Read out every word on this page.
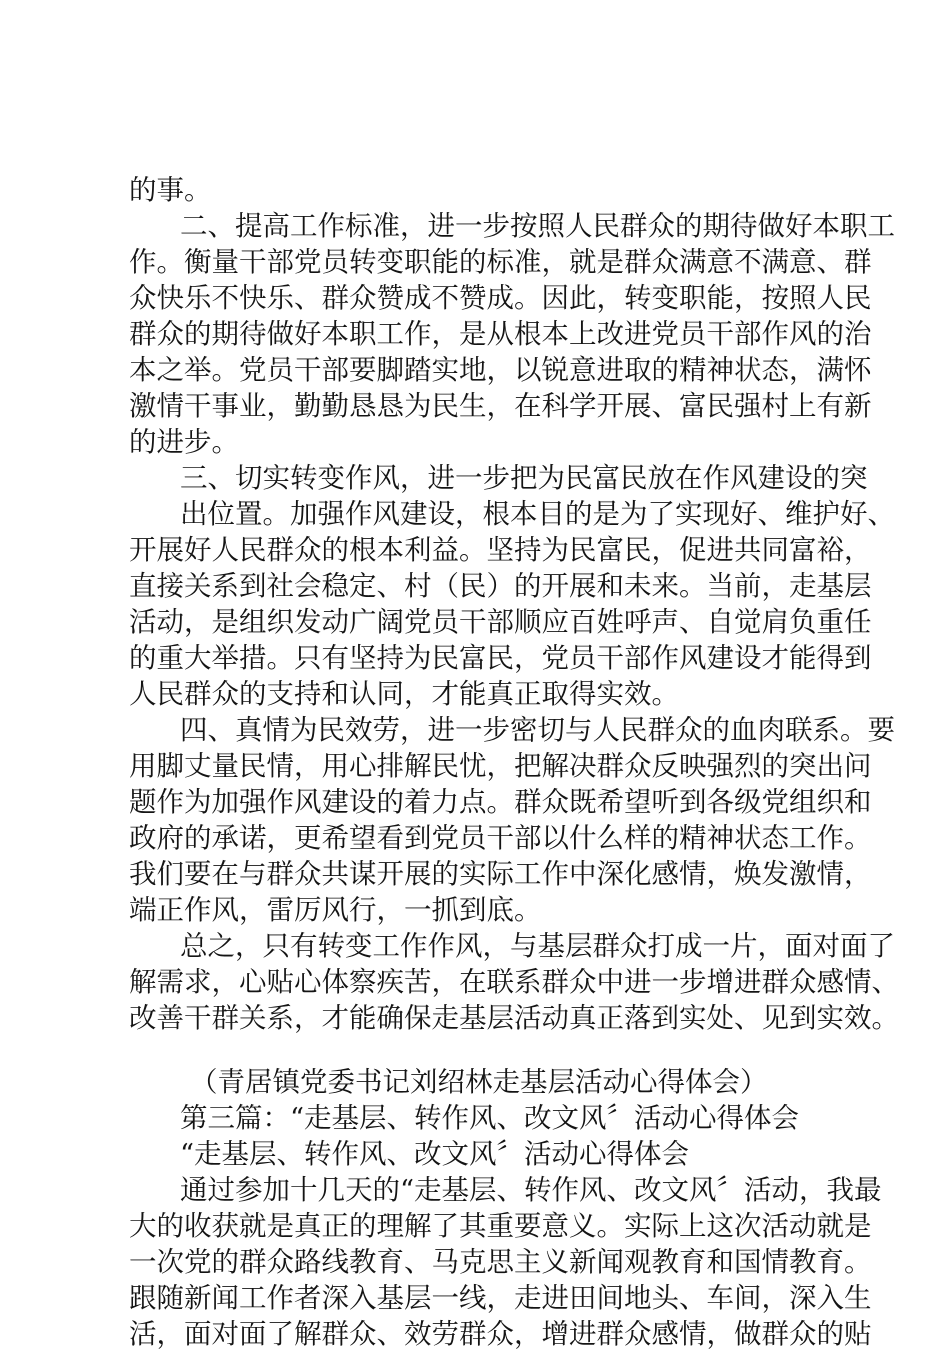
的事。
二、提高工作标准，进一步按照人民群众的期待做好本职工
作。衡量干部党员转变职能的标准，就是群众满意不满意、群
众快乐不快乐、群众赞成不赞成。因此，转变职能，按照人民
群众的期待做好本职工作，是从根本上改进党员干部作风的治
本之举。党员干部要脚踏实地，以锐意进取的精神状态，满怀
激情干事业，勤勤恳恳为民生，在科学开展、富民强村上有新
的进步。
三、切实转变作风，进一步把为民富民放在作风建设的突
出位置。加强作风建设，根本目的是为了实现好、维护好、
开展好人民群众的根本利益。坚持为民富民，促进共同富裕，
直接关系到社会稳定、村（民）的开展和未来。当前，走基层
活动，是组织发动广阔党员干部顺应百姓呼声、自觉肩负重任
的重大举措。只有坚持为民富民，党员干部作风建设才能得到
人民群众的支持和认同，才能真正取得实效。
四、真情为民效劳，进一步密切与人民群众的血肉联系。要
用脚丈量民情，用心排解民忧，把解决群众反映强烈的突出问
题作为加强作风建设的着力点。群众既希望听到各级党组织和
政府的承诺，更希望看到党员干部以什么样的精神状态工作。
我们要在与群众共谋开展的实际工作中深化感情，焕发激情，
端正作风，雷厉风行，一抓到底。
总之，只有转变工作作风，与基层群众打成一片，面对面了
解需求，心贴心体察疾苦，在联系群众中进一步增进群众感情、
改善干群关系，才能确保走基层活动真正落到实处、见到实效。
（青居镇党委书记刘绍林走基层活动心得体会）
第三篇：“走基层、转作风、改文风〞活动心得体会
“走基层、转作风、改文风〞活动心得体会
通过参加十几天的“走基层、转作风、改文风〞活动，我最
大的收获就是真正的理解了其重要意义。实际上这次活动就是
一次党的群众路线教育、马克思主义新闻观教育和国情教育。
跟随新闻工作者深入基层一线，走进田间地头、车间，深入生
活，面对面了解群众、效劳群众，增进群众感情，做群众的贴
